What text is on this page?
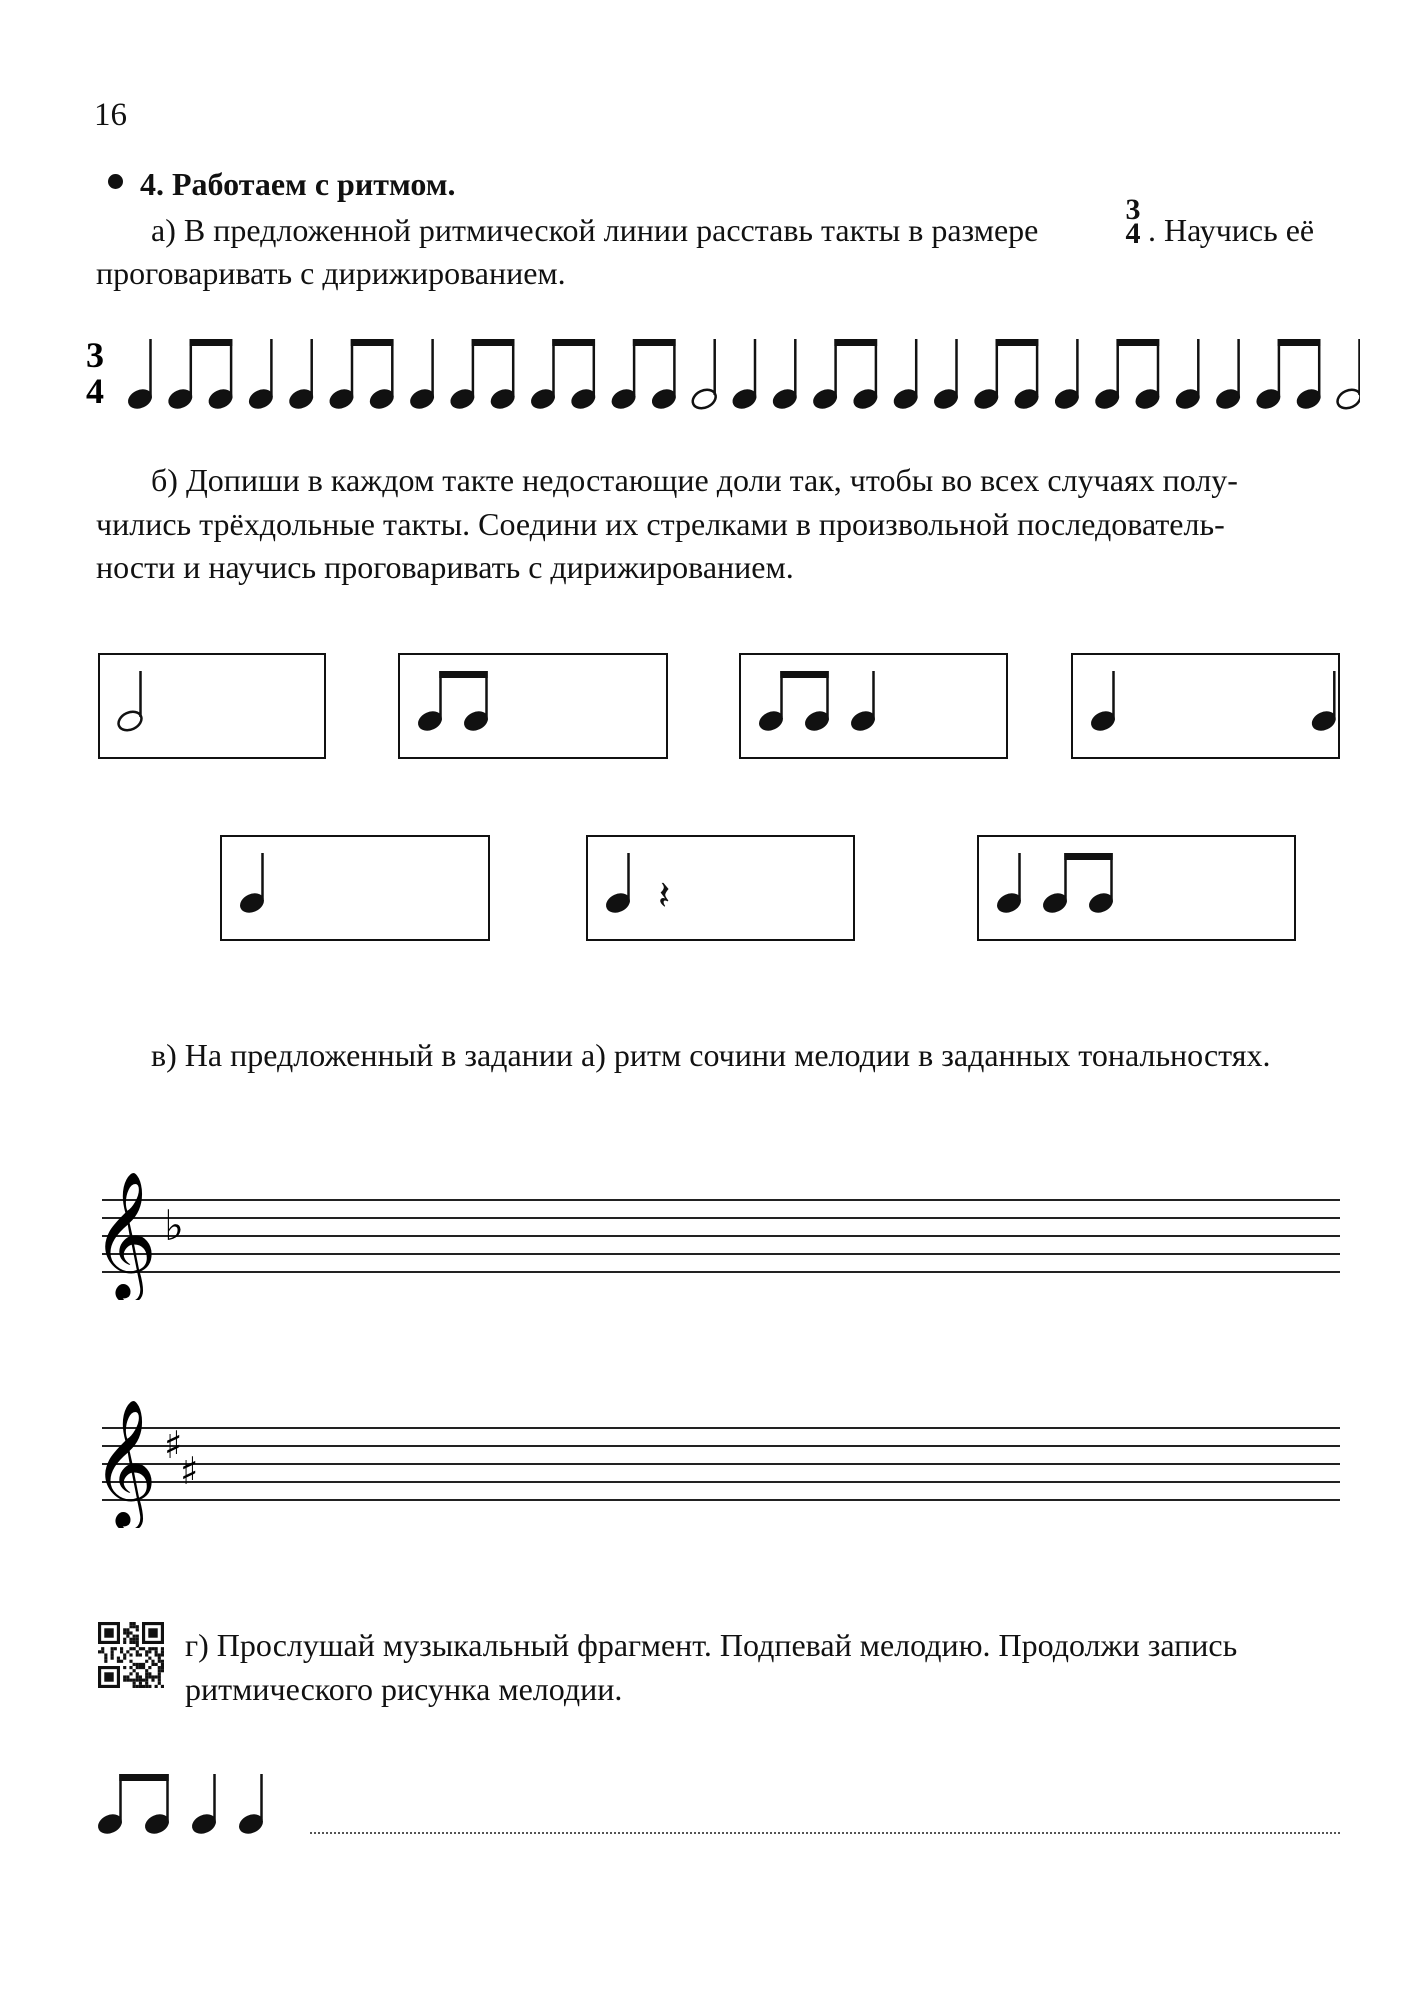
16
4. Работаем с ритмом.
а) В предложенной ритмической линии расставь такты в размере
3
4 . Научись её
проговаривать с дирижированием.
3
4
б) Допиши в каждом такте недостающие доли так, чтобы во всех случаях полу-
чились трёхдольные такты. Соедини их стрелками в произвольной последователь-
ности и научись проговаривать с дирижированием.
𝄽
в) На предложенный в задании а) ритм сочини мелодии в заданных тональностях.
𝄞 ♭
𝄞 ♯
♯
♯♯
г) Прослушай музыкальный фрагмент. Подпевай мелодию. Продолжи запись
ритмического рисунка мелодии.
